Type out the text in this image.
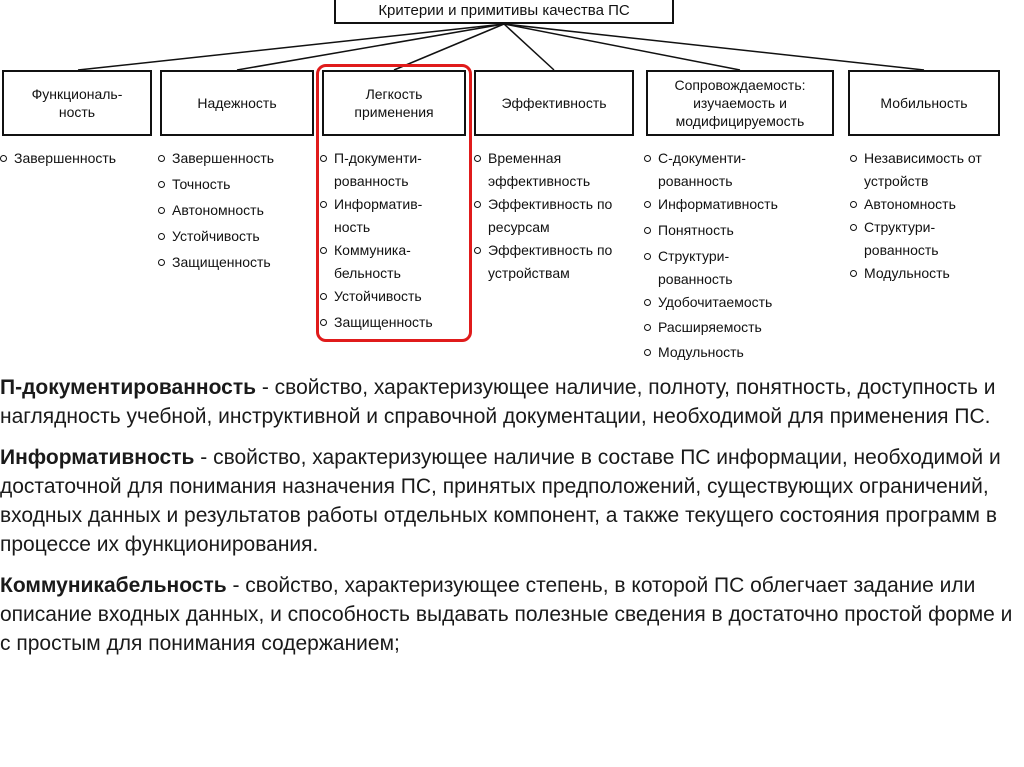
Критерии и примитивы качества ПС
Функциональ-ность
Надежность
Легкость применения
Эффективность
Сопровождаемость: изучаемость и модифицируемость
Мобильность
Завершенность	Завершенность
Точность
Автономность
Устойчивость
Защищенность
П-документи-рованность
Информатив-ность
Коммуника-бельность
Устойчивость
Защищенность
Временная эффективность
Эффективность по ресурсам
Эффективность по устройствам
С-документи-рованность
Информативность
Понятность
Структури-рованность
Удобочитаемость
Расширяемость
Модульность
Независимость от устройств
Автономность
Структури-рованность
Модульность

П-документированность - свойство, характеризующее наличие, полноту, понятность, доступность и наглядность учебной, инструктивной и справочной документации, необходимой для применения ПС.

Информативность - свойство, характеризующее наличие в составе ПС информации, необходимой и достаточной для понимания назначения ПС, принятых предположений, существующих ограничений, входных данных и результатов работы отдельных компонент, а также текущего состояния программ в процессе их функционирования.

Коммуникабельность - свойство, характеризующее степень, в которой ПС облегчает задание или описание входных данных, и способность выдавать полезные сведения в достаточно простой форме и с простым для понимания содержанием;
